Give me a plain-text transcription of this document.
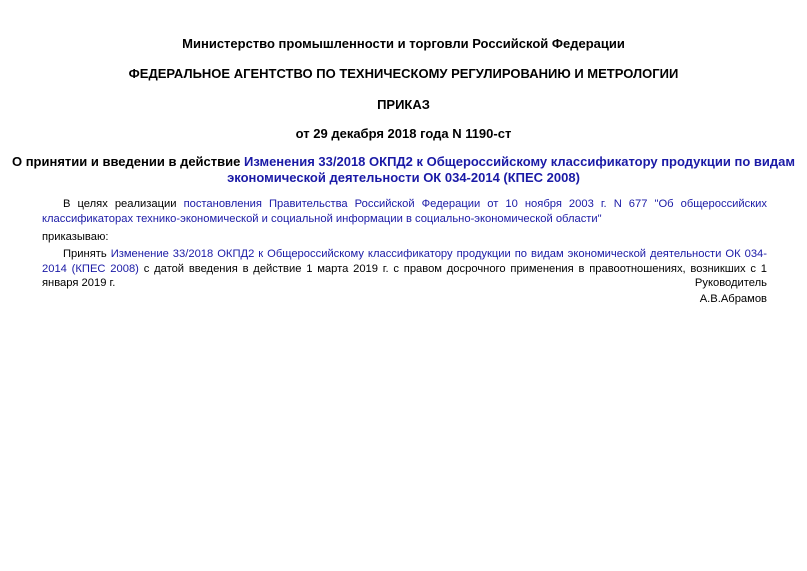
Министерство промышленности и торговли Российской Федерации
ФЕДЕРАЛЬНОЕ АГЕНТСТВО ПО ТЕХНИЧЕСКОМУ РЕГУЛИРОВАНИЮ И МЕТРОЛОГИИ
ПРИКАЗ
от 29 декабря 2018 года N 1190-ст
О принятии и введении в действие Изменения 33/2018 ОКПД2 к Общероссийскому классификатору продукции по видам экономической деятельности ОК 034-2014 (КПЕС 2008)
В целях реализации постановления Правительства Российской Федерации от 10 ноября 2003 г. N 677 "Об общероссийских классификаторах технико-экономической и социальной информации в социально-экономической области"
приказываю:
Принять Изменение 33/2018 ОКПД2 к Общероссийскому классификатору продукции по видам экономической деятельности ОК 034-2014 (КПЕС 2008) с датой введения в действие 1 марта 2019 г. с правом досрочного применения в правоотношениях, возникших с 1 января 2019 г.	Руководитель
А.В.Абрамов
